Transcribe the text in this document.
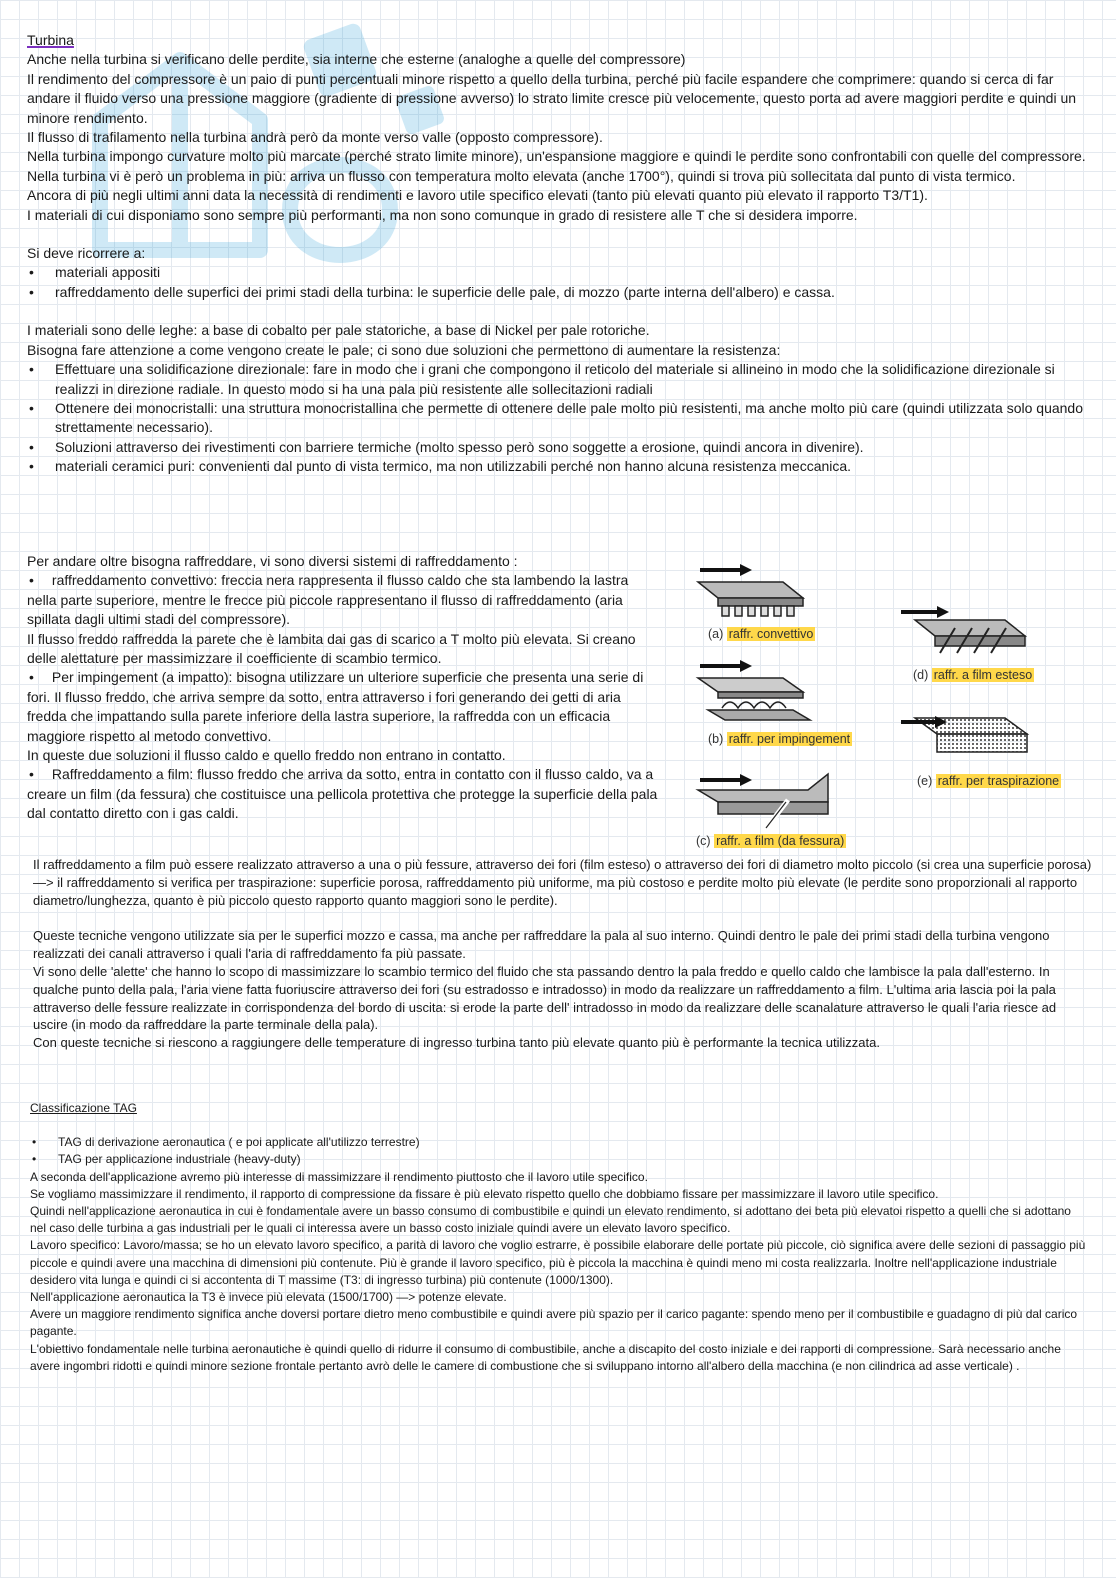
Turbina

Anche nella turbina si verificano delle perdite, sia interne che esterne (analoghe a quelle del compressore)

Il rendimento del compressore è un paio di punti percentuali minore rispetto a quello della turbina, perché più facile espandere che comprimere: quando si cerca di far andare il fluido verso una pressione maggiore (gradiente di pressione avverso) lo strato limite cresce più velocemente, questo porta ad avere maggiori perdite e quindi un minore rendimento.

Il flusso di trafilamento nella turbina andrà però da monte verso valle (opposto compressore).

Nella turbina impongo curvature molto più marcate (perché strato limite minore), un'espansione maggiore e quindi le perdite sono confrontabili con quelle del compressore.

Nella turbina vi è però un problema in più: arriva un flusso con temperatura molto elevata (anche 1700°), quindi si trova più sollecitata dal punto di vista termico.

Ancora di più negli ultimi anni data la necessità di rendimenti e lavoro utile specifico elevati (tanto più elevati quanto più elevato il rapporto T3/T1).

I materiali di cui disponiamo sono sempre più performanti, ma non sono comunque in grado di resistere alle T che si desidera imporre.

Si deve ricorrere a:

• materiali appositi

• raffreddamento delle superfici dei primi stadi della turbina: le superficie delle pale, di mozzo (parte interna dell'albero) e cassa.

I materiali sono delle leghe: a base di cobalto per pale statoriche, a base di Nickel per pale rotoriche.

Bisogna fare attenzione a come vengono create le pale; ci sono due soluzioni che permettono di aumentare la resistenza:

• Effettuare una solidificazione direzionale: fare in modo che i grani che compongono il reticolo del materiale si allineino in modo che la solidificazione direzionale si realizzi in direzione radiale. In questo modo si ha una pala più resistente alle sollecitazioni radiali

• Ottenere dei monocristalli: una struttura monocristallina che permette di ottenere delle pale molto più resistenti, ma anche molto più care (quindi utilizzata solo quando strettamente necessario).

• Soluzioni attraverso dei rivestimenti con barriere termiche (molto spesso però sono soggette a erosione, quindi ancora in divenire).

• materiali ceramici puri: convenienti dal punto di vista termico, ma non utilizzabili perché non hanno alcuna resistenza meccanica.

Per andare oltre bisogna raffreddare, vi sono diversi sistemi di raffreddamento :

• raffreddamento convettivo: freccia nera rappresenta il flusso caldo che sta lambendo la lastra nella parte superiore, mentre le frecce più piccole rappresentano il flusso di raffreddamento (aria spillata dagli ultimi stadi del compressore).

Il flusso freddo raffredda la parete che è lambita dai gas di scarico a T molto più elevata. Si creano delle alettature per massimizzare il coefficiente di scambio termico.

• Per impingement (a impatto): bisogna utilizzare un ulteriore superficie che presenta una serie di fori. Il flusso freddo, che arriva sempre da sotto, entra attraverso i fori generando dei getti di aria fredda che impattando sulla parete inferiore della lastra superiore, la raffredda con un efficacia maggiore rispetto al metodo convettivo.

In queste due soluzioni il flusso caldo e quello freddo non entrano in contatto.

• Raffreddamento a film: flusso freddo che arriva da sotto, entra in contatto con il flusso caldo, va a creare un film (da fessura) che costituisce una pellicola protettiva che protegge la superficie della pala dal contatto diretto con i gas caldi.

(a) raffr. convettivo
(b) raffr. per impingement
(c) raffr. a film (da fessura)
(d) raffr. a film esteso
(e) raffr. per traspirazione

Il raffreddamento a film può essere realizzato attraverso a una o più fessure, attraverso dei fori (film esteso) o attraverso dei fori di diametro molto piccolo (si crea una superficie porosa) —> il raffreddamento si verifica per traspirazione: superficie porosa, raffreddamento più uniforme, ma più costoso e perdite molto più elevate (le perdite sono proporzionali al rapporto diametro/lunghezza, quanto è più piccolo questo rapporto quanto maggiori sono le perdite).

Queste tecniche vengono utilizzate sia per le superfici mozzo e cassa, ma anche per raffreddare la pala al suo interno. Quindi dentro le pale dei primi stadi della turbina vengono realizzati dei canali attraverso i quali l'aria di raffreddamento fa più passate.

Vi sono delle 'alette' che hanno lo scopo di massimizzare lo scambio termico del fluido che sta passando dentro la pala freddo e quello caldo che lambisce la pala dall'esterno. In qualche punto della pala, l'aria viene fatta fuoriuscire attraverso dei fori (su estradosso e intradosso) in modo da realizzare un raffreddamento a film. L'ultima aria lascia poi la pala attraverso delle fessure realizzate in corrispondenza del bordo di uscita: si erode la parte dell' intradosso in modo da realizzare delle scanalature attraverso le quali l'aria riesce ad uscire (in modo da raffreddare la parte terminale della pala).

Con queste tecniche si riescono a raggiungere delle temperature di ingresso turbina tanto più elevate quanto più è performante la tecnica utilizzata.

Classificazione TAG

• TAG di derivazione aeronautica ( e poi applicate all'utilizzo terrestre)

• TAG per applicazione industriale (heavy-duty)

A seconda dell'applicazione avremo più interesse di massimizzare il rendimento piuttosto che il lavoro utile specifico.

Se vogliamo massimizzare il rendimento, il rapporto di compressione da fissare è più elevato rispetto quello che dobbiamo fissare per massimizzare il lavoro utile specifico.

Quindi nell'applicazione aeronautica in cui è fondamentale avere un basso consumo di combustibile e quindi un elevato rendimento, si adottano dei beta più elevatoi rispetto a quelli che si adottano nel caso delle turbina a gas industriali per le quali ci interessa avere un basso costo iniziale quindi avere un elevato lavoro specifico.

Lavoro specifico: Lavoro/massa; se ho un elevato lavoro specifico, a parità di lavoro che voglio estrarre, è possibile elaborare delle portate più piccole, ciò significa avere delle sezioni di passaggio più piccole e quindi avere una macchina di dimensioni più contenute. Più è grande il lavoro specifico, più è piccola la macchina è quindi meno mi costa realizzarla. Inoltre nell'applicazione industriale desidero vita lunga e quindi ci si accontenta di T massime (T3: di ingresso turbina) più contenute (1000/1300).

Nell'applicazione aeronautica la T3 è invece più elevata (1500/1700) —> potenze elevate.

Avere un maggiore rendimento significa anche doversi portare dietro meno combustibile e quindi avere più spazio per il carico pagante: spendo meno per il combustibile e guadagno di più dal carico pagante.

L'obiettivo fondamentale nelle turbina aeronautiche è quindi quello di ridurre il consumo di combustibile, anche a discapito del costo iniziale e dei rapporti di compressione. Sarà necessario anche avere ingombri ridotti e quindi minore sezione frontale pertanto avrò delle le camere di combustione che si sviluppano intorno all'albero della macchina (e non cilindrica ad asse verticale) .
